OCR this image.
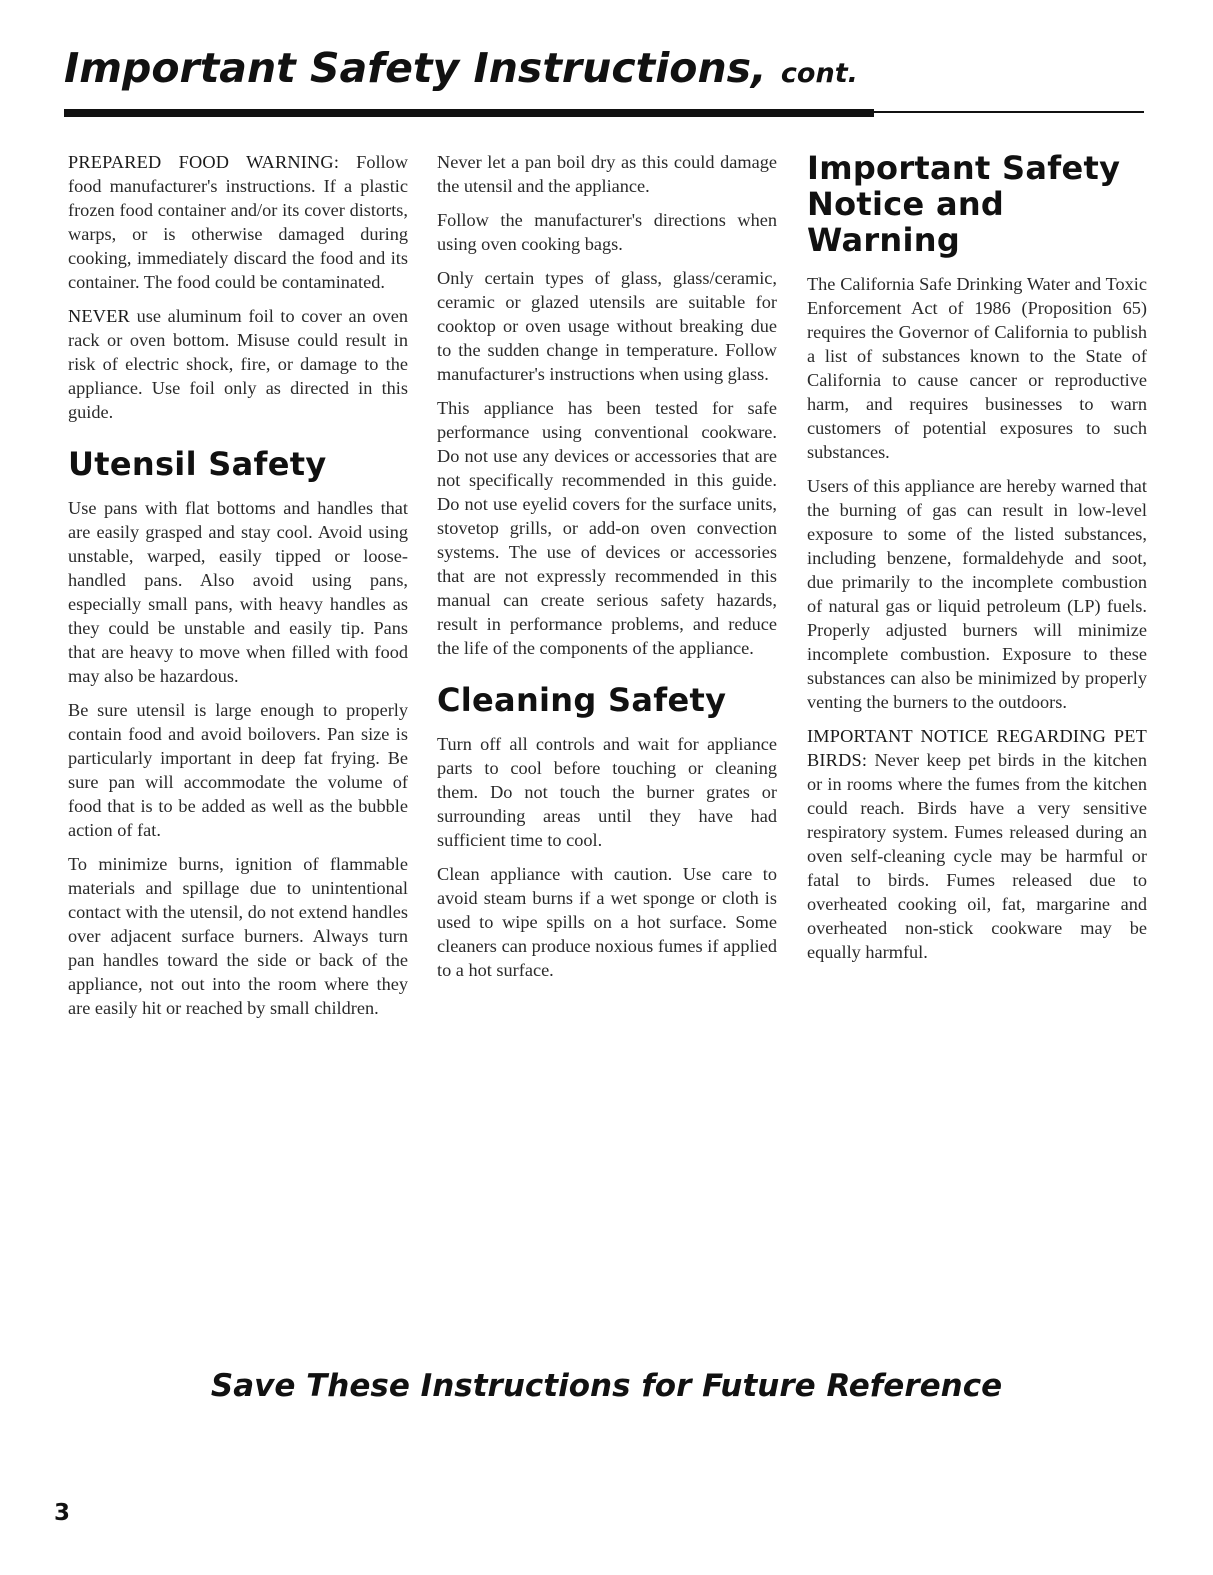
Important Safety Instructions, cont.

PREPARED FOOD WARNING: Follow food manufacturer's instructions. If a plastic frozen food container and/or its cover distorts, warps, or is otherwise damaged during cooking, immediately discard the food and its container. The food could be contaminated.

NEVER use aluminum foil to cover an oven rack or oven bottom. Misuse could result in risk of electric shock, fire, or damage to the appliance. Use foil only as directed in this guide.

Utensil Safety

Use pans with flat bottoms and handles that are easily grasped and stay cool. Avoid using unstable, warped, easily tipped or loose-handled pans. Also avoid using pans, especially small pans, with heavy handles as they could be unstable and easily tip. Pans that are heavy to move when filled with food may also be hazardous.

Be sure utensil is large enough to properly contain food and avoid boilovers. Pan size is particularly important in deep fat frying. Be sure pan will accommodate the volume of food that is to be added as well as the bubble action of fat.

To minimize burns, ignition of flammable materials and spillage due to unintentional contact with the utensil, do not extend handles over adjacent surface burners. Always turn pan handles toward the side or back of the appliance, not out into the room where they are easily hit or reached by small children.

Never let a pan boil dry as this could damage the utensil and the appliance.

Follow the manufacturer's directions when using oven cooking bags.

Only certain types of glass, glass/ceramic, ceramic or glazed utensils are suitable for cooktop or oven usage without breaking due to the sudden change in temperature. Follow manufacturer's instructions when using glass.

This appliance has been tested for safe performance using conventional cookware. Do not use any devices or accessories that are not specifically recommended in this guide. Do not use eyelid covers for the surface units, stovetop grills, or add-on oven convection systems. The use of devices or accessories that are not expressly recommended in this manual can create serious safety hazards, result in performance problems, and reduce the life of the components of the appliance.

Cleaning Safety

Turn off all controls and wait for appliance parts to cool before touching or cleaning them. Do not touch the burner grates or surrounding areas until they have had sufficient time to cool.

Clean appliance with caution. Use care to avoid steam burns if a wet sponge or cloth is used to wipe spills on a hot surface. Some cleaners can produce noxious fumes if applied to a hot surface.

Important Safety Notice and Warning

The California Safe Drinking Water and Toxic Enforcement Act of 1986 (Proposition 65) requires the Governor of California to publish a list of substances known to the State of California to cause cancer or reproductive harm, and requires businesses to warn customers of potential exposures to such substances.

Users of this appliance are hereby warned that the burning of gas can result in low-level exposure to some of the listed substances, including benzene, formaldehyde and soot, due primarily to the incomplete combustion of natural gas or liquid petroleum (LP) fuels. Properly adjusted burners will minimize incomplete combustion. Exposure to these substances can also be minimized by properly venting the burners to the outdoors.

IMPORTANT NOTICE REGARDING PET BIRDS: Never keep pet birds in the kitchen or in rooms where the fumes from the kitchen could reach. Birds have a very sensitive respiratory system. Fumes released during an oven self-cleaning cycle may be harmful or fatal to birds. Fumes released due to overheated cooking oil, fat, margarine and overheated non-stick cookware may be equally harmful.

Save These Instructions for Future Reference

3
